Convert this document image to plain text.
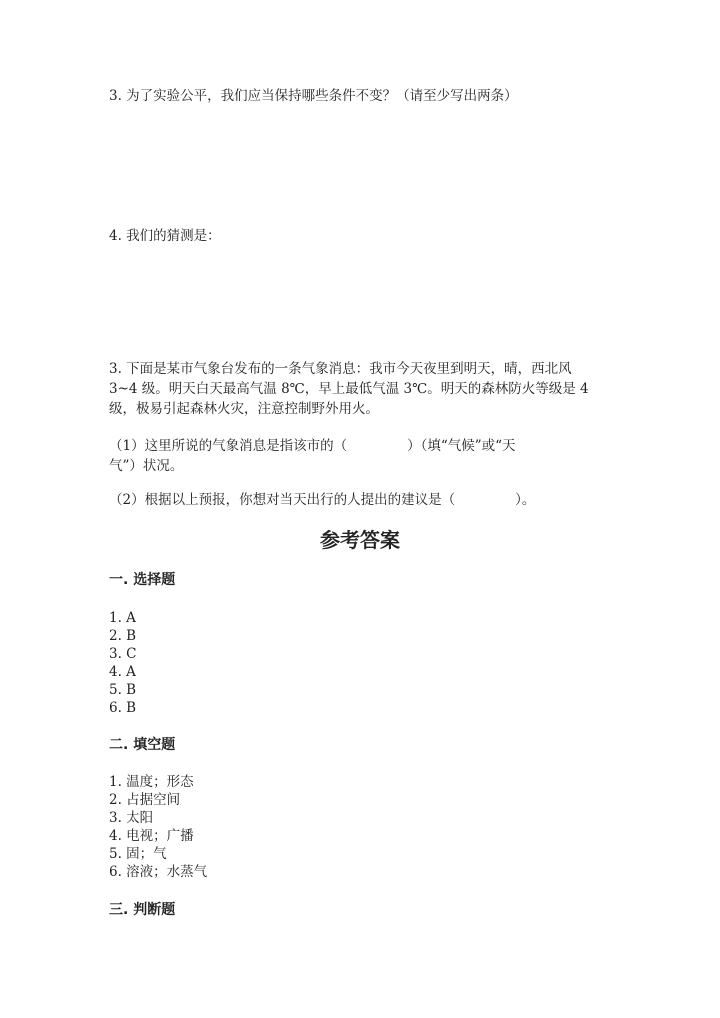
3. 为了实验公平，我们应当保持哪些条件不变？（请至少写出两条）
4. 我们的猜测是：
3. 下面是某市气象台发布的一条气象消息：我市今天夜里到明天，晴，西北风
3~4 级。明天白天最高气温 8℃，早上最低气温 3℃。明天的森林防火等级是 4
级，极易引起森林火灾，注意控制野外用火。
（1）这里所说的气象消息是指该市的（	）（填“气候”或“天
气”）状况。
（2）根据以上预报，你想对当天出行的人提出的建议是（	）。
参考答案
一. 选择题
1. A
2. B
3. C
4. A
5. B
6. B
二. 填空题
1. 温度；形态
2. 占据空间
3. 太阳
4. 电视；广播
5. 固；气
6. 溶液；水蒸气
三. 判断题
